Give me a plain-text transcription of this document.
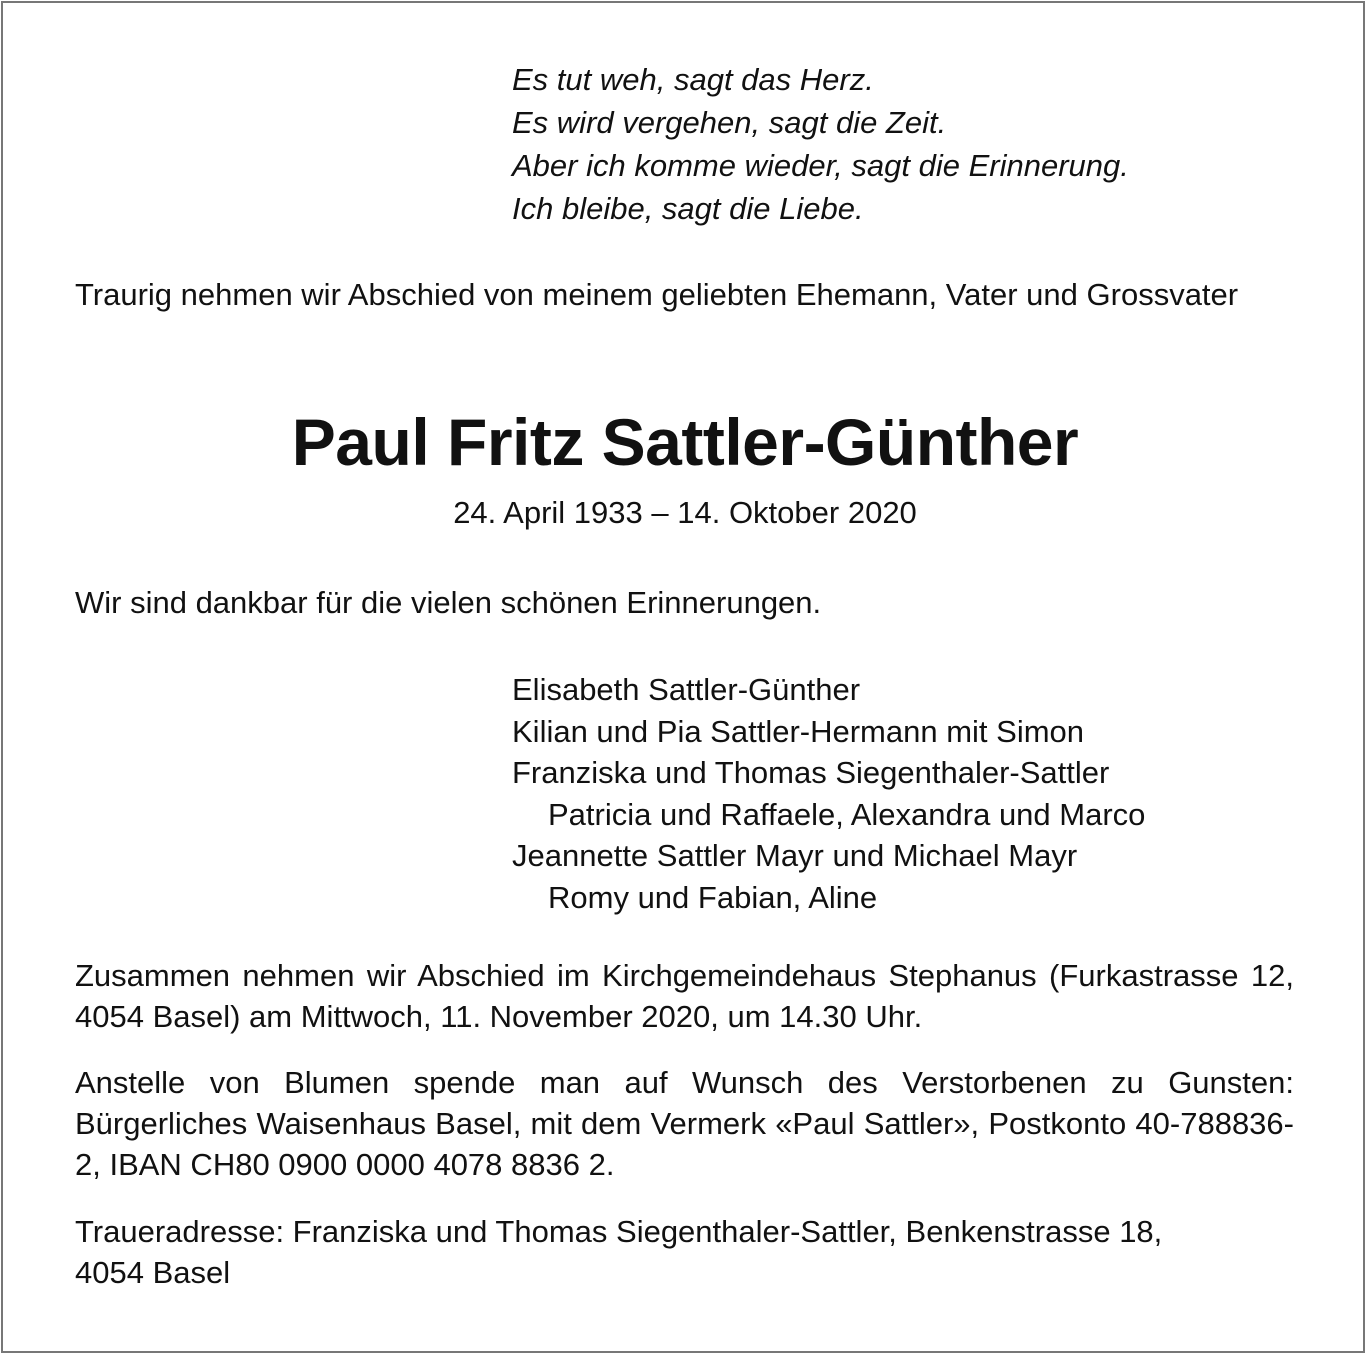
Es tut weh, sagt das Herz.
Es wird vergehen, sagt die Zeit.
Aber ich komme wieder, sagt die Erinnerung.
Ich bleibe, sagt die Liebe.
Traurig nehmen wir Abschied von meinem geliebten Ehemann, Vater und Grossvater
Paul Fritz Sattler-Günther
24. April 1933 – 14. Oktober 2020
Wir sind dankbar für die vielen schönen Erinnerungen.
Elisabeth Sattler-Günther
Kilian und Pia Sattler-Hermann mit Simon
Franziska und Thomas Siegenthaler-Sattler
Patricia und Raffaele, Alexandra und Marco
Jeannette Sattler Mayr und Michael Mayr
Romy und Fabian, Aline
Zusammen nehmen wir Abschied im Kirchgemeindehaus Stephanus (Furkastrasse 12, 4054 Basel) am Mittwoch, 11. November 2020, um 14.30 Uhr.
Anstelle von Blumen spende man auf Wunsch des Verstorbenen zu Gunsten: Bürgerliches Waisenhaus Basel, mit dem Vermerk «Paul Sattler», Postkonto 40-788836-2, IBAN CH80 0900 0000 4078 8836 2.
Traueradresse: Franziska und Thomas Siegenthaler-Sattler, Benkenstrasse 18,
4054 Basel
